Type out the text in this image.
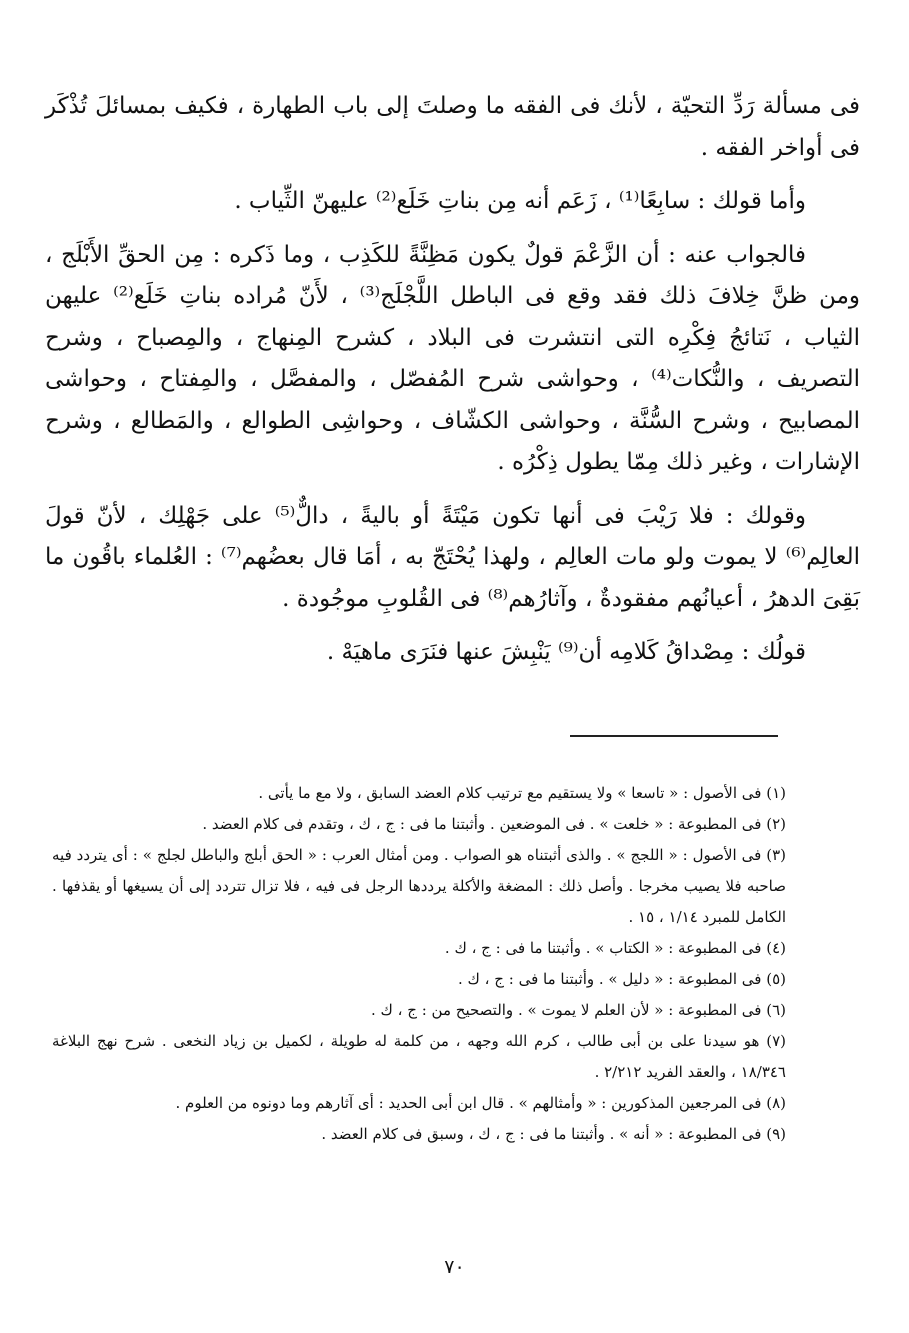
فى مسألة رَدِّ التحيّة ، لأنك فى الفقه ما وصلتَ إلى باب الطهارة ، فكيف بمسائلَ تُذْكَر فى أواخر الفقه .

وأما قولك : سابِعًا⁽¹⁾ ، زَعَم أنه مِن بناتِ خَلَع⁽²⁾ عليهنّ الثِّياب .

فالجواب عنه : أن الزَّعْمَ قولٌ يكون مَظِنَّةً للكَذِب ، وما ذَكره : مِن الحقِّ الأَبْلَج ، ومن ظنَّ خِلافَ ذلك فقد وقع فى الباطل اللَّجْلَج⁽³⁾ ، لأَنّ مُراده بناتِ خَلَع⁽²⁾ عليهن الثياب ، نَتائجُ فِكْرِه التى انتشرت فى البلاد ، كشرح المِنهاج ، والمِصباح ، وشرح التصريف ، والنُّكات⁽⁴⁾ ، وحواشى شرح المُفصّل ، والمفصَّل ، والمِفتاح ، وحواشى المصابيح ، وشرح السُّنَّة ، وحواشى الكشّاف ، وحواشِى الطوالع ، والمَطالع ، وشرح الإشارات ، وغير ذلك مِمّا يطول ذِكْرُه .

وقولك : فلا رَيْبَ فى أنها تكون مَيْتَةً أو باليةً ، دالٌّ⁽⁵⁾ على جَهْلِك ، لأنّ قولَ العالِم⁽⁶⁾ لا يموت ولو مات العالِم ، ولهذا يُحْتَجّ به ، أمَا قال بعضُهم⁽⁷⁾ : العُلماء باقُون ما بَقِىَ الدهرُ ، أعيانُهم مفقودةٌ ، وآثارُهم⁽⁸⁾ فى القُلوبِ موجُودة .

قولُك : مِصْداقُ كَلامِه أن⁽⁹⁾ يَنْبِشَ عنها فنَرَى ماهيَهْ .

(١) فى الأصول : « تاسعا » ولا يستقيم مع ترتيب كلام العضد السابق ، ولا مع ما يأتى .

(٢) فى المطبوعة : « خلعت » . فى الموضعين . وأثبتنا ما فى : ج ، ك ، وتقدم فى كلام العضد .

(٣) فى الأصول : « اللجج » . والذى أثبتناه هو الصواب . ومن أمثال العرب : « الحق أبلج والباطل لجلج » : أى يتردد فيه صاحبه فلا يصيب مخرجا . وأصل ذلك : المضغة والأكلة يرددها الرجل فى فيه ، فلا تزال تتردد إلى أن يسيغها أو يقذفها . الكامل للمبرد ١/١٤ ، ١٥ .

(٤) فى المطبوعة : « الكتاب » . وأثبتنا ما فى : ج ، ك .

(٥) فى المطبوعة : « دليل » . وأثبتنا ما فى : ج ، ك .

(٦) فى المطبوعة : « لأن العلم لا يموت » . والتصحيح من : ج ، ك .

(٧) هو سيدنا على بن أبى طالب ، كرم الله وجهه ، من كلمة له طويلة ، لكميل بن زياد النخعى . شرح نهج البلاغة ١٨/٣٤٦ ، والعقد الفريد ٢/٢١٢ .

(٨) فى المرجعين المذكورين : « وأمثالهم » . قال ابن أبى الحديد : أى آثارهم وما دونوه من العلوم .

(٩) فى المطبوعة : « أنه » . وأثبتنا ما فى : ج ، ك ، وسبق فى كلام العضد .

٧٠
